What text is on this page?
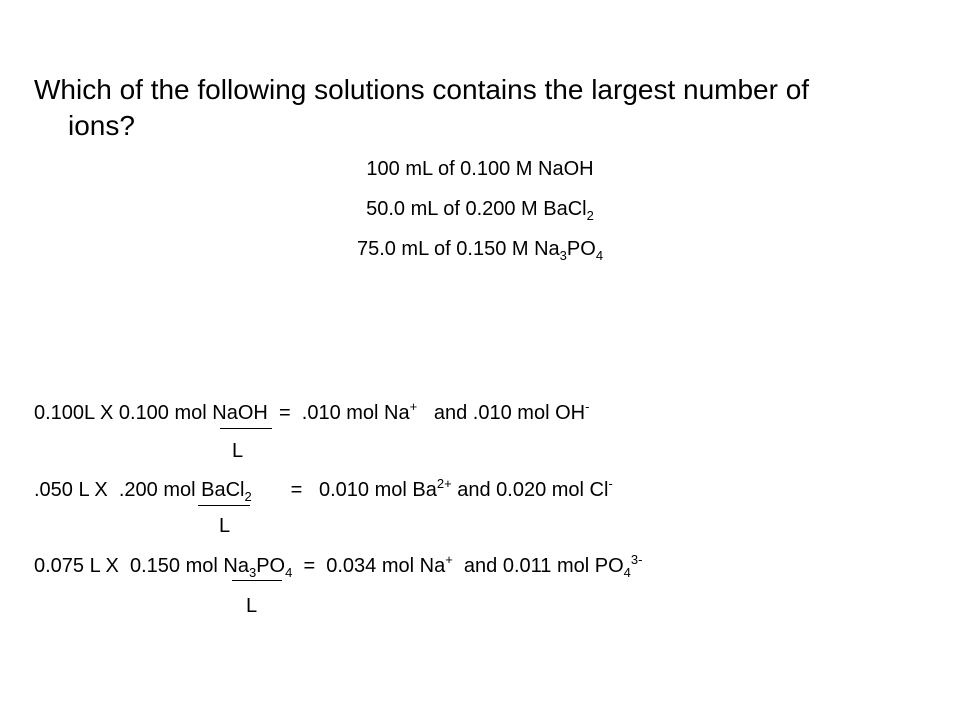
Which of the following solutions contains the largest number of
ions?
100 mL of 0.100 M NaOH
50.0 mL of 0.200 M BaCl$_2$
75.0 mL of 0.150 M $Na_3PO_4$
0.100L X 0.100 mol NaOH  =  .010 mol Na+   and .010 mol OH-
L
.050 L X  .200 mol BaCl$_2$       =   0.010 mol $Ba^{2+}$ and 0.020 mol Cl-
L
0.075 L X  0.150 mol $Na_3PO_4 = 0.034$ mol Na+  and 0.011 mol $PO_4^{3-}$
L
